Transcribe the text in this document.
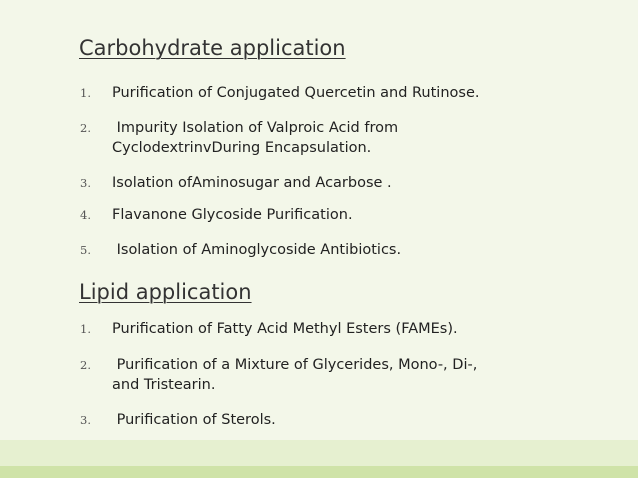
Carbohydrate application
1. Purification of Conjugated Quercetin and Rutinose.
2. Impurity Isolation of Valproic Acid from
CyclodextrinvDuring Encapsulation.
3. Isolation ofAminosugar and Acarbose .
4. Flavanone Glycoside Purification.
5. Isolation of Aminoglycoside Antibiotics.
Lipid application
1. Purification of Fatty Acid Methyl Esters (FAMEs).
2. Purification of a Mixture of Glycerides, Mono-, Di-,
and Tristearin.
3. Purification of Sterols.
